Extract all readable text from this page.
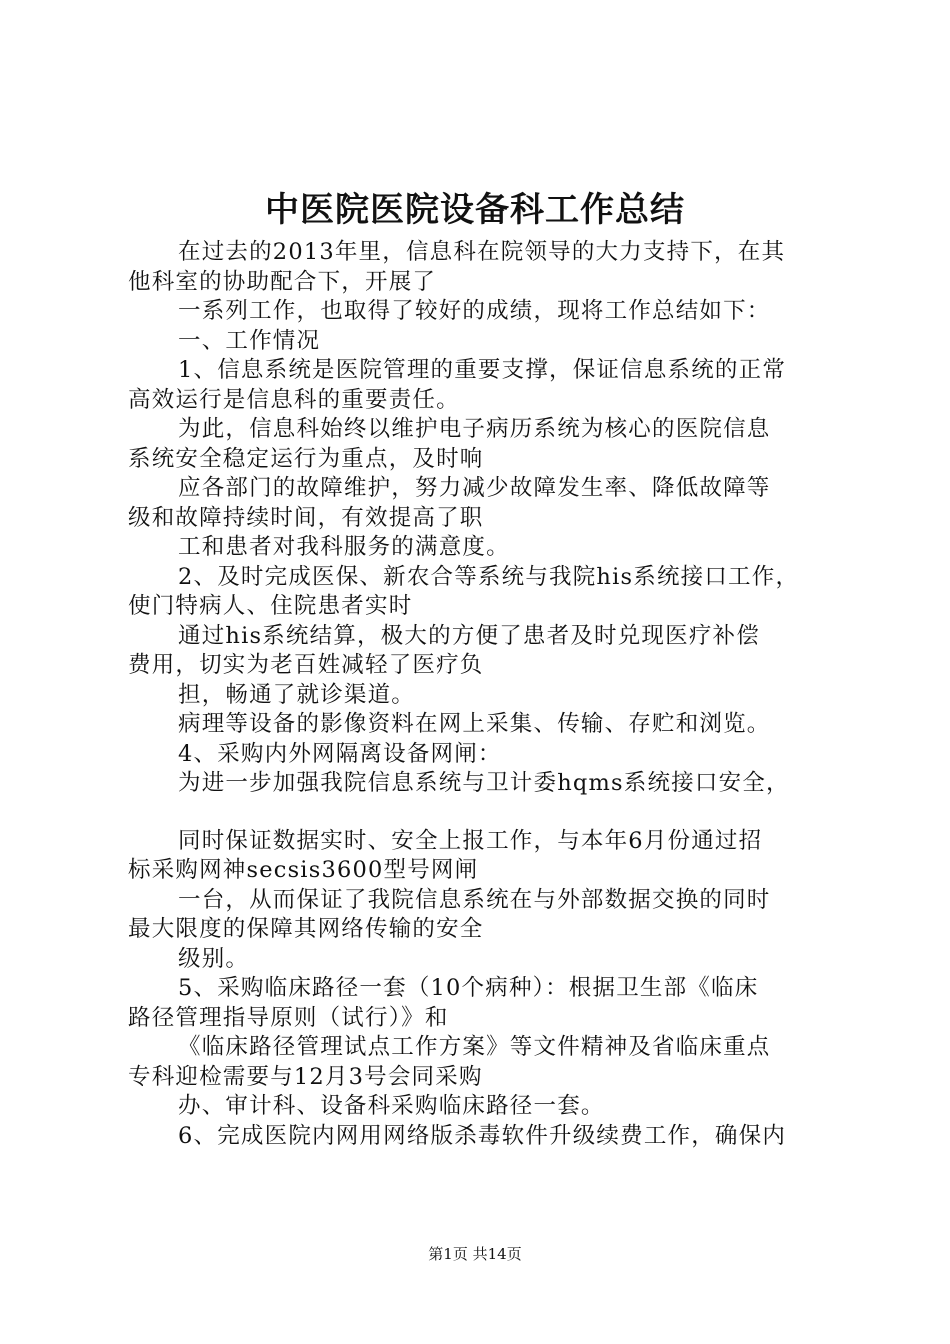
中医院医院设备科工作总结
在过去的2013年里，信息科在院领导的大力支持下，在其
他科室的协助配合下，开展了
一系列工作，也取得了较好的成绩，现将工作总结如下：
一、工作情况
1、信息系统是医院管理的重要支撑，保证信息系统的正常
高效运行是信息科的重要责任。
为此，信息科始终以维护电子病历系统为核心的医院信息
系统安全稳定运行为重点，及时响
应各部门的故障维护，努力减少故障发生率、降低故障等
级和故障持续时间，有效提高了职
工和患者对我科服务的满意度。
2、及时完成医保、新农合等系统与我院his系统接口工作，
使门特病人、住院患者实时
通过his系统结算，极大的方便了患者及时兑现医疗补偿
费用，切实为老百姓减轻了医疗负
担，畅通了就诊渠道。
病理等设备的影像资料在网上采集、传输、存贮和浏览。
4、采购内外网隔离设备网闸：
为进一步加强我院信息系统与卫计委hqms系统接口安全，
同时保证数据实时、安全上报工作，与本年6月份通过招
标采购网神secsis3600型号网闸
一台，从而保证了我院信息系统在与外部数据交换的同时
最大限度的保障其网络传输的安全
级别。
5、采购临床路径一套（10个病种）：根据卫生部《临床
路径管理指导原则（试行）》和
《临床路径管理试点工作方案》等文件精神及省临床重点
专科迎检需要与12月3号会同采购
办、审计科、设备科采购临床路径一套。
6、完成医院内网用网络版杀毒软件升级续费工作，确保内
第1页 共14页
